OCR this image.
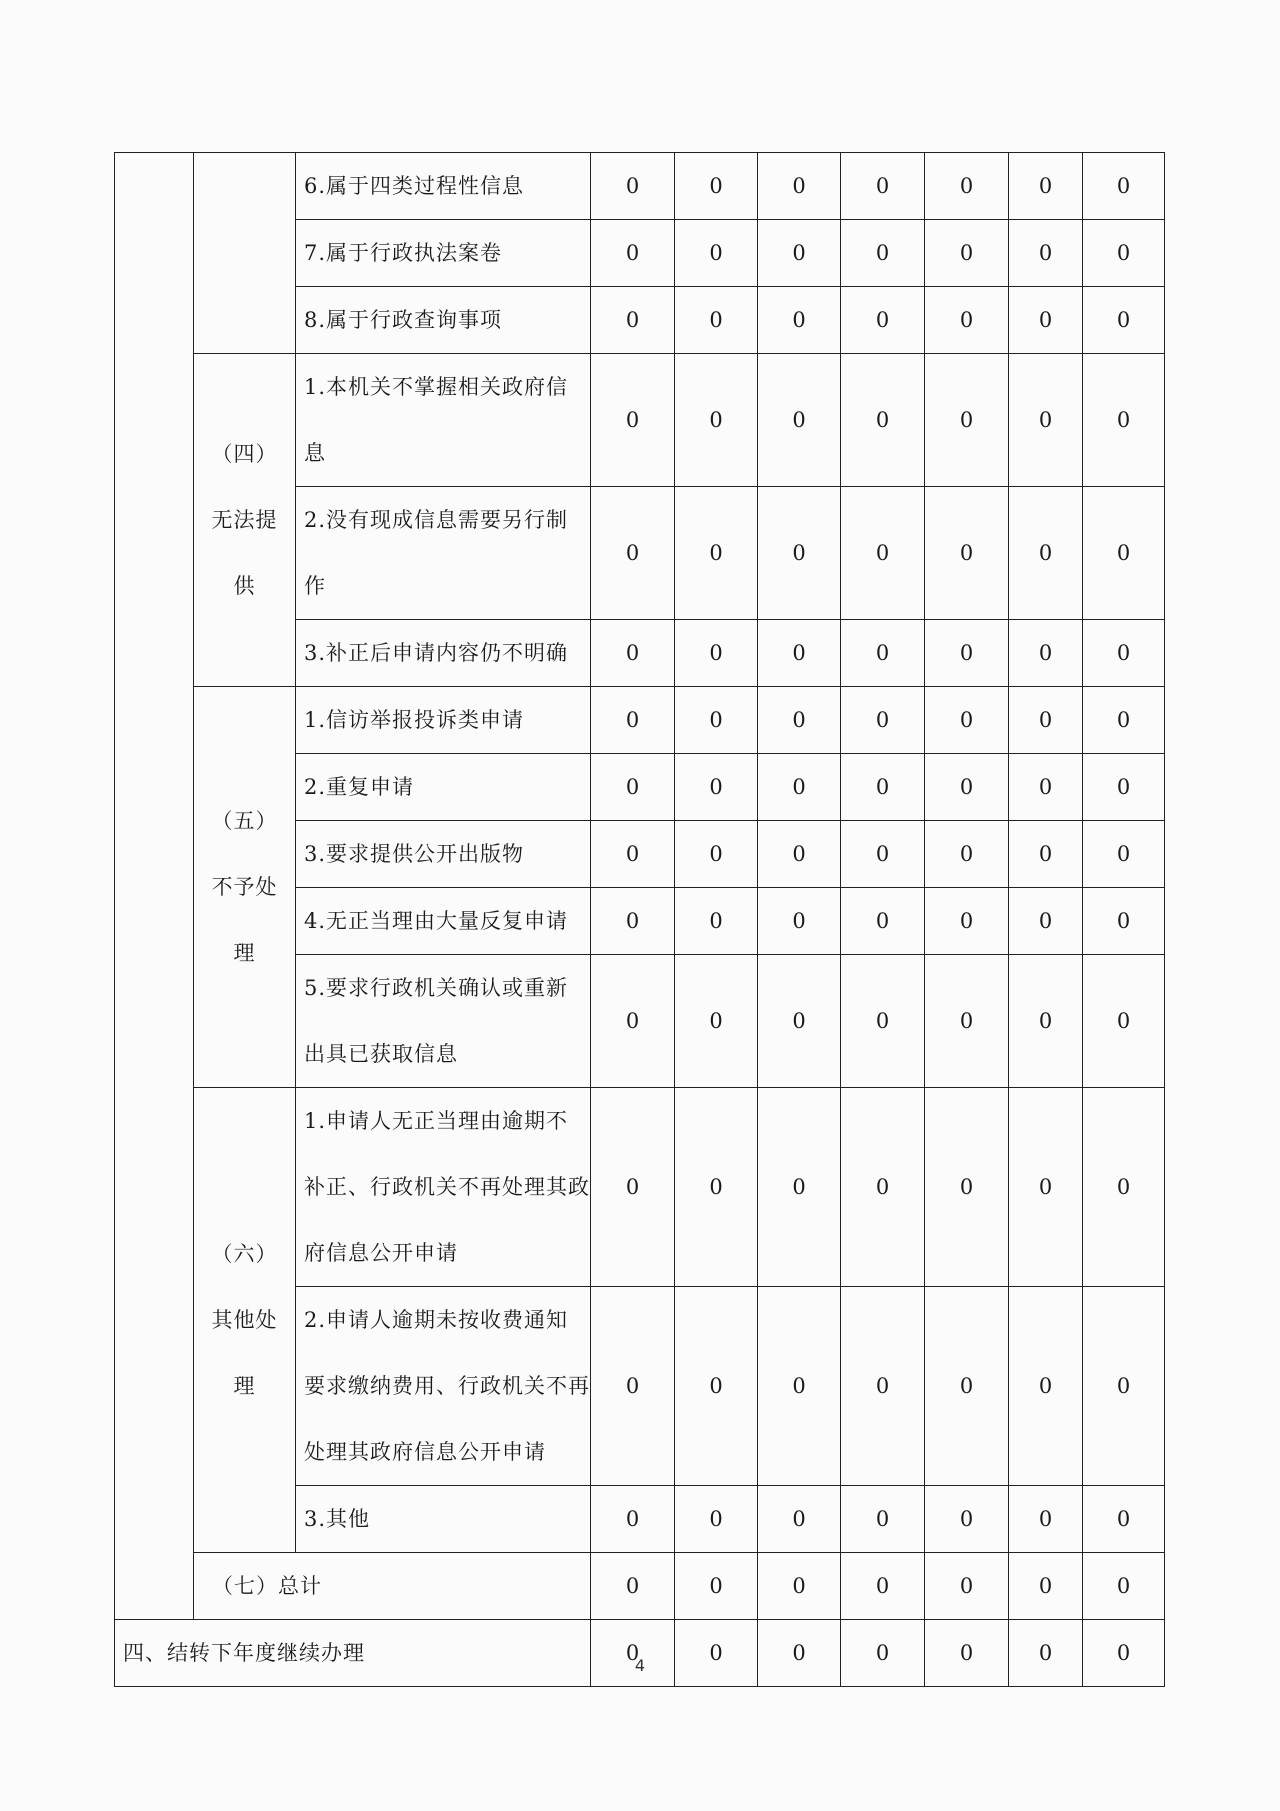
		6.属于四类过程性信息	0	0	0	0	0	0	0
		7.属于行政执法案卷	0	0	0	0	0	0	0
		8.属于行政查询事项	0	0	0	0	0	0	0
	（四）无法提供	1.本机关不掌握相关政府信息	0	0	0	0	0	0	0
		2.没有现成信息需要另行制作	0	0	0	0	0	0	0
		3.补正后申请内容仍不明确	0	0	0	0	0	0	0
	（五）不予处理	1.信访举报投诉类申请	0	0	0	0	0	0	0
		2.重复申请	0	0	0	0	0	0	0
		3.要求提供公开出版物	0	0	0	0	0	0	0
		4.无正当理由大量反复申请	0	0	0	0	0	0	0
		5.要求行政机关确认或重新出具已获取信息	0	0	0	0	0	0	0
	（六）其他处理	1.申请人无正当理由逾期不补正、行政机关不再处理其政府信息公开申请	0	0	0	0	0	0	0
		2.申请人逾期未按收费通知要求缴纳费用、行政机关不再处理其政府信息公开申请	0	0	0	0	0	0	0
		3.其他	0	0	0	0	0	0	0
	（七）总计		0	0	0	0	0	0	0
四、结转下年度继续办理			0	0	0	0	0	0	0
4
